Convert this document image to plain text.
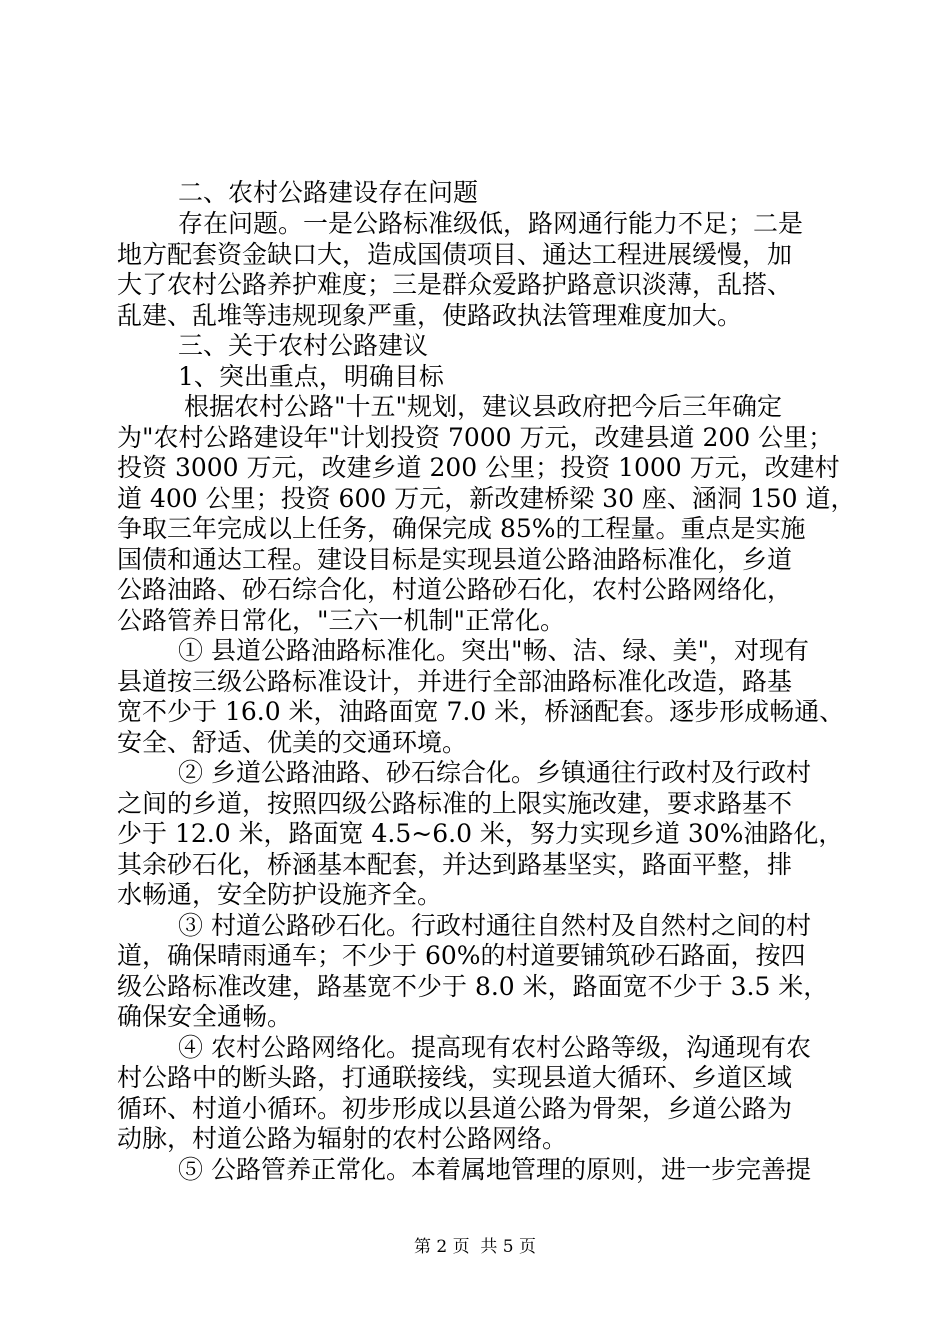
二、农村公路建设存在问题
存在问题。一是公路标准级低，路网通行能力不足；二是
地方配套资金缺口大，造成国债项目、通达工程进展缓慢，加
大了农村公路养护难度；三是群众爱路护路意识淡薄，乱搭、
乱建、乱堆等违规现象严重，使路政执法管理难度加大。
三、关于农村公路建议
1、突出重点，明确目标
根据农村公路"十五"规划，建议县政府把今后三年确定
为"农村公路建设年"计划投资 7000 万元，改建县道 200 公里；
投资 3000 万元，改建乡道 200 公里；投资 1000 万元，改建村
道 400 公里；投资 600 万元，新改建桥梁 30 座、涵洞 150 道，
争取三年完成以上任务，确保完成 85%的工程量。重点是实施
国债和通达工程。建设目标是实现县道公路油路标准化，乡道
公路油路、砂石综合化，村道公路砂石化，农村公路网络化，
公路管养日常化，"三六一机制"正常化。
① 县道公路油路标准化。突出"畅、洁、绿、美"，对现有
县道按三级公路标准设计，并进行全部油路标准化改造，路基
宽不少于 16.0 米，油路面宽 7.0 米，桥涵配套。逐步形成畅通、
安全、舒适、优美的交通环境。
② 乡道公路油路、砂石综合化。乡镇通往行政村及行政村
之间的乡道，按照四级公路标准的上限实施改建，要求路基不
少于 12.0 米，路面宽 4.5~6.0 米，努力实现乡道 30%油路化，
其余砂石化，桥涵基本配套，并达到路基坚实，路面平整，排
水畅通，安全防护设施齐全。
③ 村道公路砂石化。行政村通往自然村及自然村之间的村
道，确保晴雨通车；不少于 60%的村道要铺筑砂石路面，按四
级公路标准改建，路基宽不少于 8.0 米，路面宽不少于 3.5 米，
确保安全通畅。
④ 农村公路网络化。提高现有农村公路等级，沟通现有农
村公路中的断头路，打通联接线，实现县道大循环、乡道区域
循环、村道小循环。初步形成以县道公路为骨架，乡道公路为
动脉，村道公路为辐射的农村公路网络。
⑤ 公路管养正常化。本着属地管理的原则，进一步完善提
第 2 页  共 5 页
